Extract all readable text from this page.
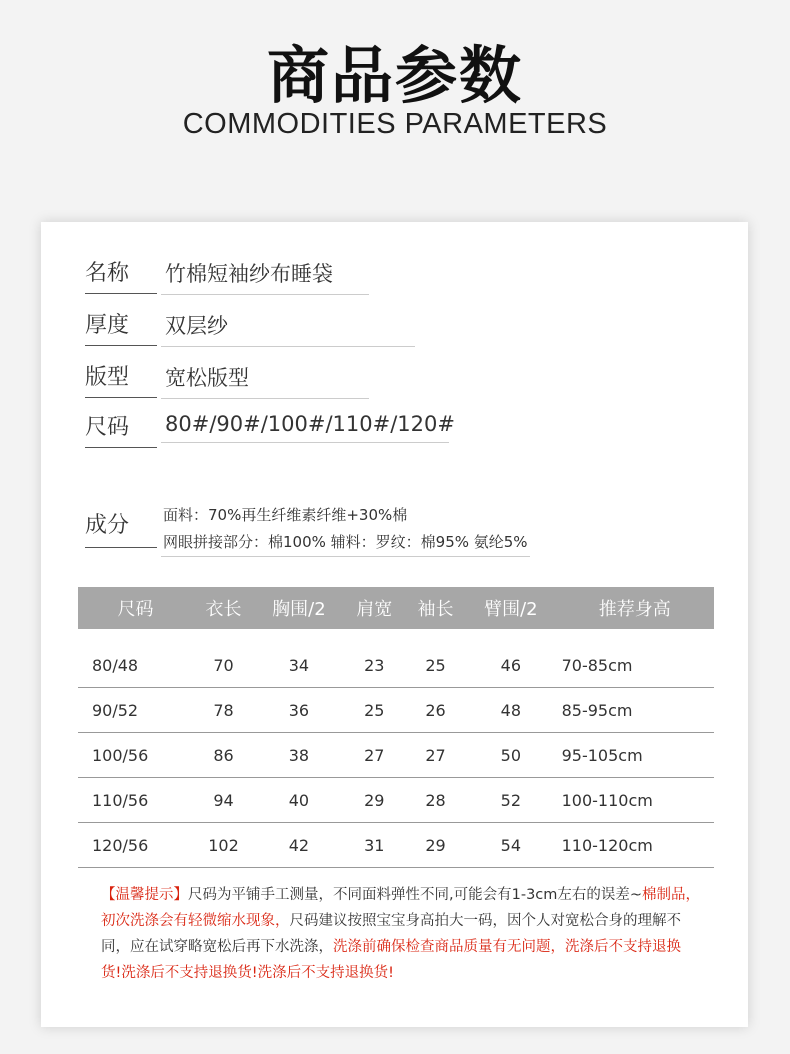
商品参数
COMMODITIES PARAMETERS
名称	竹棉短袖纱布睡袋
厚度	双层纱
版型	宽松版型
尺码	80#/90#/100#/110#/120#
成分	面料：70%再生纤维素纤维+30%棉
网眼拼接部分：棉100% 辅料：罗纹：棉95% 氨纶5%
尺码	衣长	胸围/2	肩宽	袖长	臂围/2	推荐身高

80/48	70	34	23	25	46	70-85cm
90/52	78	36	25	26	48	85-95cm
100/56	86	38	27	27	50	95-105cm
110/56	94	40	29	28	52	100-110cm
120/56	102	42	31	29	54	110-120cm
【温馨提示】尺码为平铺手工测量，不同面料弹性不同,可能会有1-3cm左右的误差~棉制品，初次洗涤会有轻微缩水现象，尺码建议按照宝宝身高拍大一码，因个人对宽松合身的理解不同，应在试穿略宽松后再下水洗涤，洗涤前确保检查商品质量有无问题，洗涤后不支持退换货!洗涤后不支持退换货!洗涤后不支持退换货!
